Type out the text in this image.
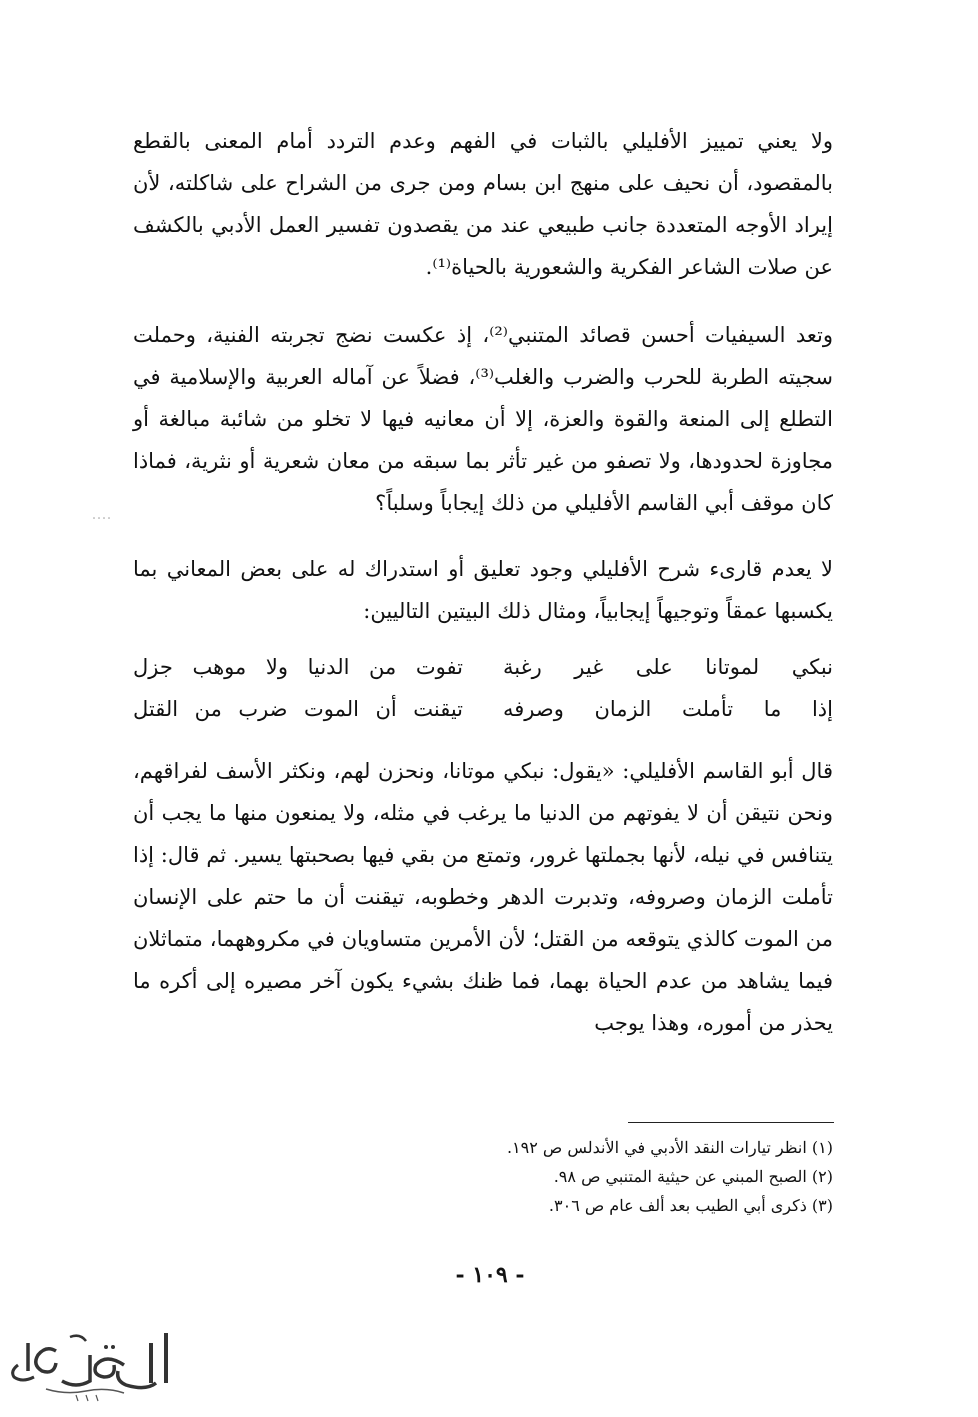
ولا يعني تمييز الأفليلي بالثبات في الفهم وعدم التردد أمام المعنى بالقطع بالمقصود، أن نحيف على منهج ابن بسام ومن جرى من الشراح على شاكلته، لأن إيراد الأوجه المتعددة جانب طبيعي عند من يقصدون تفسير العمل الأدبي بالكشف عن صلات الشاعر الفكرية والشعورية بالحياة⁽¹⁾.

وتعد السيفيات أحسن قصائد المتنبي⁽²⁾، إذ عكست نضج تجربته الفنية، وحملت سجيته الطربة للحرب والضرب والغلب⁽³⁾، فضلاً عن آماله العربية والإسلامية في التطلع إلى المنعة والقوة والعزة، إلا أن معانيه فيها لا تخلو من شائبة مبالغة أو مجاوزة لحدودها، ولا تصفو من غير تأثر بما سبقه من معان شعرية أو نثرية، فماذا كان موقف أبي القاسم الأفليلي من ذلك إيجاباً وسلباً؟

لا يعدم قارىء شرح الأفليلي وجود تعليق أو استدراك له على بعض المعاني بما يكسبها عمقاً وتوجيهاً إيجابياً، ومثال ذلك البيتين التاليين:

نبكي لموتانا على غير رغبة
تفوت من الدنيا ولا موهب جزل
إذا ما تأملت الزمان وصرفه
تيقنت أن الموت ضرب من القتل

قال أبو القاسم الأفليلي: «يقول: نبكي موتانا، ونحزن لهم، ونكثر الأسف لفراقهم، ونحن نتيقن أن لا يفوتهم من الدنيا ما يرغب في مثله، ولا يمنعون منها ما يجب أن يتنافس في نيله، لأنها بجملتها غرور، وتمتع من بقي فيها بصحبتها يسير. ثم قال: إذا تأملت الزمان وصروفه، وتدبرت الدهر وخطوبه، تيقنت أن ما حتم على الإنسان من الموت كالذي يتوقعه من القتل؛ لأن الأمرين متساويان في مكروههما، متماثلان فيما يشاهد من عدم الحياة بهما، فما ظنك بشيء يكون آخر مصيره إلى أكره ما يحذر من أموره، وهذا يوجب

(١) انظر تيارات النقد الأدبي في الأندلس ص ١٩٢.

(٢) الصبح المبني عن حيثية المتنبي ص ٩٨.

(٣) ذكرى أبي الطيب بعد ألف عام ص ٣٠٦.

- ١٠٩ -
